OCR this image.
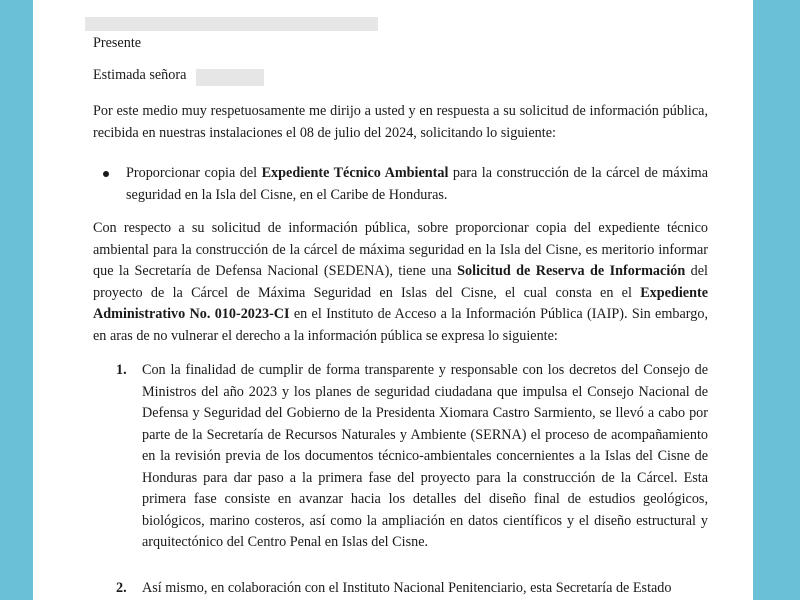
Presente
Estimada señora
Por este medio muy respetuosamente me dirijo a usted y en respuesta a su solicitud de información pública, recibida en nuestras instalaciones el 08 de julio del 2024, solicitando lo siguiente:
Proporcionar copia del Expediente Técnico Ambiental para la construcción de la cárcel de máxima seguridad en la Isla del Cisne, en el Caribe de Honduras.
Con respecto a su solicitud de información pública, sobre proporcionar copia del expediente técnico ambiental para la construcción de la cárcel de máxima seguridad en la Isla del Cisne, es meritorio informar que la Secretaría de Defensa Nacional (SEDENA), tiene una Solicitud de Reserva de Información del proyecto de la Cárcel de Máxima Seguridad en Islas del Cisne, el cual consta en el Expediente Administrativo No. 010-2023-CI en el Instituto de Acceso a la Información Pública (IAIP). Sin embargo, en aras de no vulnerar el derecho a la información pública se expresa lo siguiente:
1. Con la finalidad de cumplir de forma transparente y responsable con los decretos del Consejo de Ministros del año 2023 y los planes de seguridad ciudadana que impulsa el Consejo Nacional de Defensa y Seguridad del Gobierno de la Presidenta Xiomara Castro Sarmiento, se llevó a cabo por parte de la Secretaría de Recursos Naturales y Ambiente (SERNA) el proceso de acompañamiento en la revisión previa de los documentos técnico-ambientales concernientes a la Islas del Cisne de Honduras para dar paso a la primera fase del proyecto para la construcción de la Cárcel. Esta primera fase consiste en avanzar hacia los detalles del diseño final de estudios geológicos, biológicos, marino costeros, así como la ampliación en datos científicos y el diseño estructural y arquitectónico del Centro Penal en Islas del Cisne.
2. Así mismo, en colaboración con el Instituto Nacional Penitenciario, esta Secretaría de Estado
